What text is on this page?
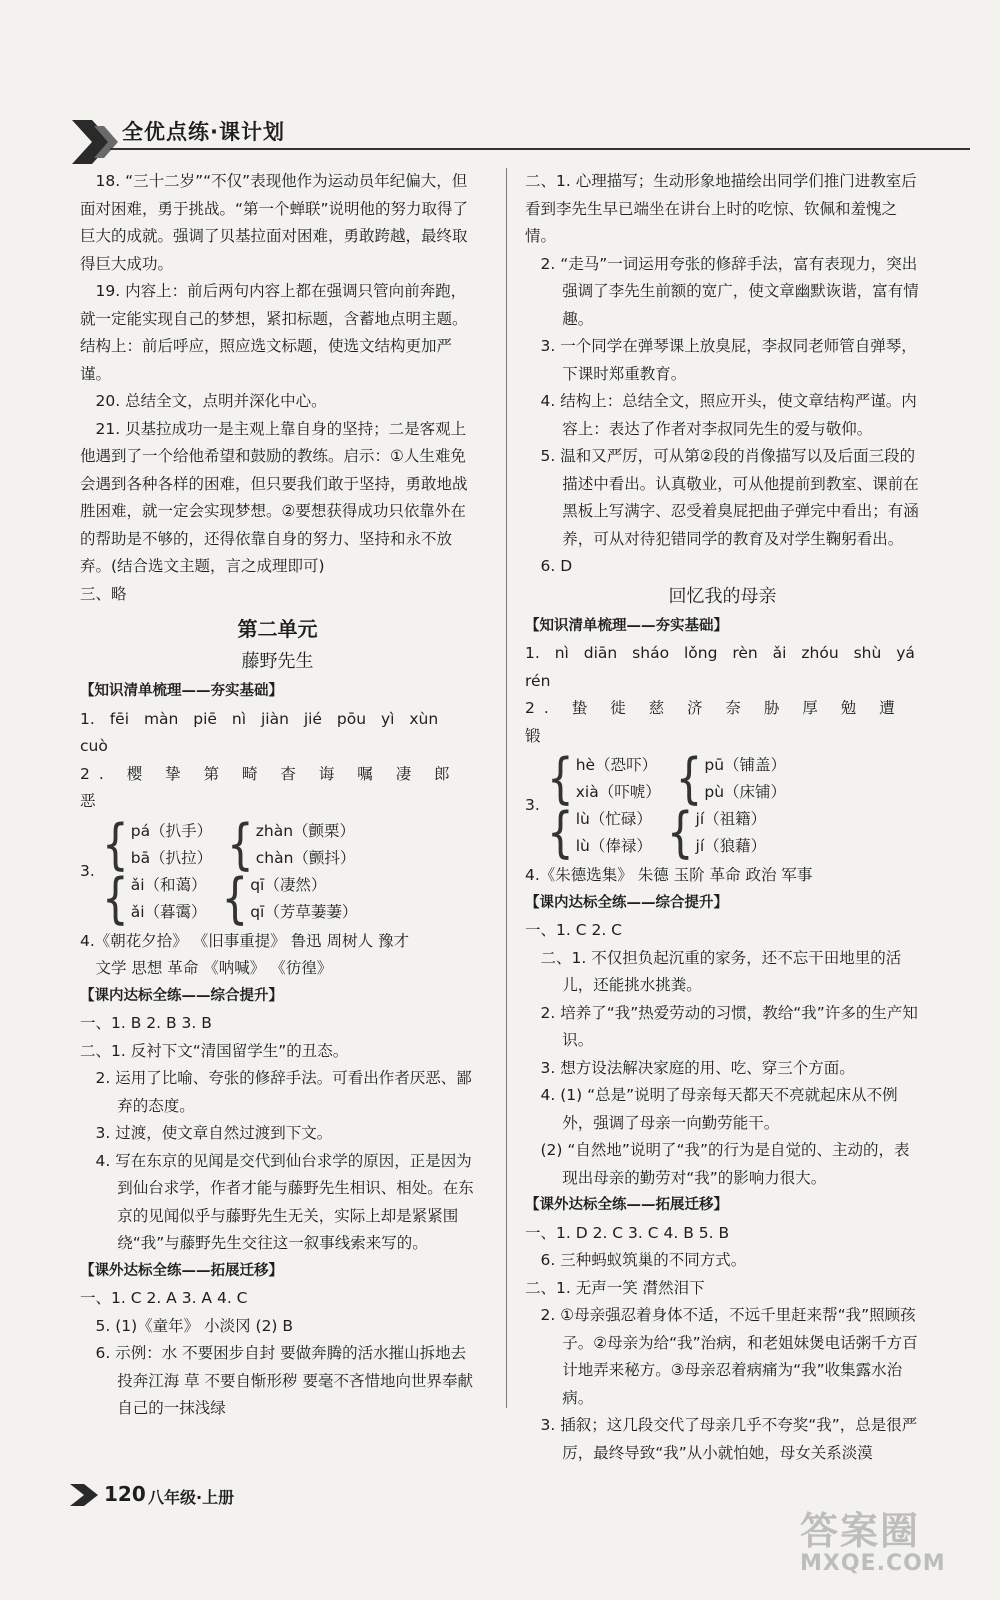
全优点练·课计划

18. “三十二岁”“不仅”表现他作为运动员年纪偏大，但面对困难，勇于挑战。“第一个蝉联”说明他的努力取得了巨大的成就。强调了贝基拉面对困难，勇敢跨越，最终取得巨大成功。

19. 内容上：前后两句内容上都在强调只管向前奔跑，就一定能实现自己的梦想，紧扣标题，含蓄地点明主题。结构上：前后呼应，照应选文标题，使选文结构更加严谨。

20. 总结全文，点明并深化中心。

21. 贝基拉成功一是主观上靠自身的坚持；二是客观上他遇到了一个给他希望和鼓励的教练。启示：①人生难免会遇到各种各样的困难，但只要我们敢于坚持，勇敢地战胜困难，就一定会实现梦想。②要想获得成功只依靠外在的帮助是不够的，还得依靠自身的努力、坚持和永不放弃。(结合选文主题，言之成理即可)

三、略

第二单元

藤野先生

【知识清单梳理——夯实基础】

1. fēi màn piē nì jiàn jié pōu yì xùn cuò

2. 樱 挚 第 畸 杳 诲 嘱 凄 郎 恶

3. { pá（扒手）
bā（扒拉）
{ zhàn（颤栗）
chàn（颤抖）
{ ǎi（和蔼）
ǎi（暮霭）
{ qī（凄然）
qī（芳草萋萋）

4.《朝花夕拾》 《旧事重提》 鲁迅 周树人 豫才

文学 思想 革命 《呐喊》 《彷徨》

【课内达标全练——综合提升】

一、1. B 2. B 3. B

二、1. 反衬下文“清国留学生”的丑态。

2. 运用了比喻、夸张的修辞手法。可看出作者厌恶、鄙弃的态度。

3. 过渡，使文章自然过渡到下文。

4. 写在东京的见闻是交代到仙台求学的原因，正是因为到仙台求学，作者才能与藤野先生相识、相处。在东京的见闻似乎与藤野先生无关，实际上却是紧紧围绕“我”与藤野先生交往这一叙事线索来写的。

【课外达标全练——拓展迁移】

一、1. C 2. A 3. A 4. C

5. (1)《童年》 小淡冈 (2) B

6. 示例：水 不要困步自封 要做奔腾的活水摧山拆地去投奔江海 草 不要自惭形秽 要毫不吝惜地向世界奉献自己的一抹浅绿

二、1. 心理描写；生动形象地描绘出同学们推门进教室后看到李先生早已端坐在讲台上时的吃惊、钦佩和羞愧之情。

2. “走马”一词运用夸张的修辞手法，富有表现力，突出强调了李先生前额的宽广，使文章幽默诙谐，富有情趣。

3. 一个同学在弹琴课上放臭屁，李叔同老师管自弹琴，下课时郑重教育。

4. 结构上：总结全文，照应开头，使文章结构严谨。内容上：表达了作者对李叔同先生的爱与敬仰。

5. 温和又严厉，可从第②段的肖像描写以及后面三段的描述中看出。认真敬业，可从他提前到教室、课前在黑板上写满字、忍受着臭屁把曲子弹完中看出；有涵养，可从对待犯错同学的教育及对学生鞠躬看出。

6. D

回忆我的母亲

【知识清单梳理——夯实基础】

1. nì diān sháo lǒng rèn ǎi zhóu shù yá rén

2. 蛰 徙 慈 济 奈 胁 厚 勉 遭 锻

3. { hè（恐吓）
xià（吓唬）
{ pū（铺盖）
pù（床铺）
{ lù（忙碌）
lù（俸禄）
{ jí（祖籍）
jí（狼藉）

4.《朱德选集》 朱德 玉阶 革命 政治 军事

【课内达标全练——综合提升】

一、1. C 2. C

二、1. 不仅担负起沉重的家务，还不忘干田地里的活儿，还能挑水挑粪。

2. 培养了“我”热爱劳动的习惯，教给“我”许多的生产知识。

3. 想方设法解决家庭的用、吃、穿三个方面。

4. (1) “总是”说明了母亲每天都天不亮就起床从不例外，强调了母亲一向勤劳能干。

(2) “自然地”说明了“我”的行为是自觉的、主动的，表现出母亲的勤劳对“我”的影响力很大。

【课外达标全练——拓展迁移】

一、1. D 2. C 3. C 4. B 5. B

6. 三种蚂蚁筑巢的不同方式。

二、1. 无声一笑 潸然泪下

2. ①母亲强忍着身体不适，不远千里赶来帮“我”照顾孩子。②母亲为给“我”治病，和老姐妹煲电话粥千方百计地弄来秘方。③母亲忍着病痛为“我”收集露水治病。

3. 插叙；这几段交代了母亲几乎不夸奖“我”，总是很严厉，最终导致“我”从小就怕她，母女关系淡漠

120 八年级·上册
答案圈
MXQE.COM
